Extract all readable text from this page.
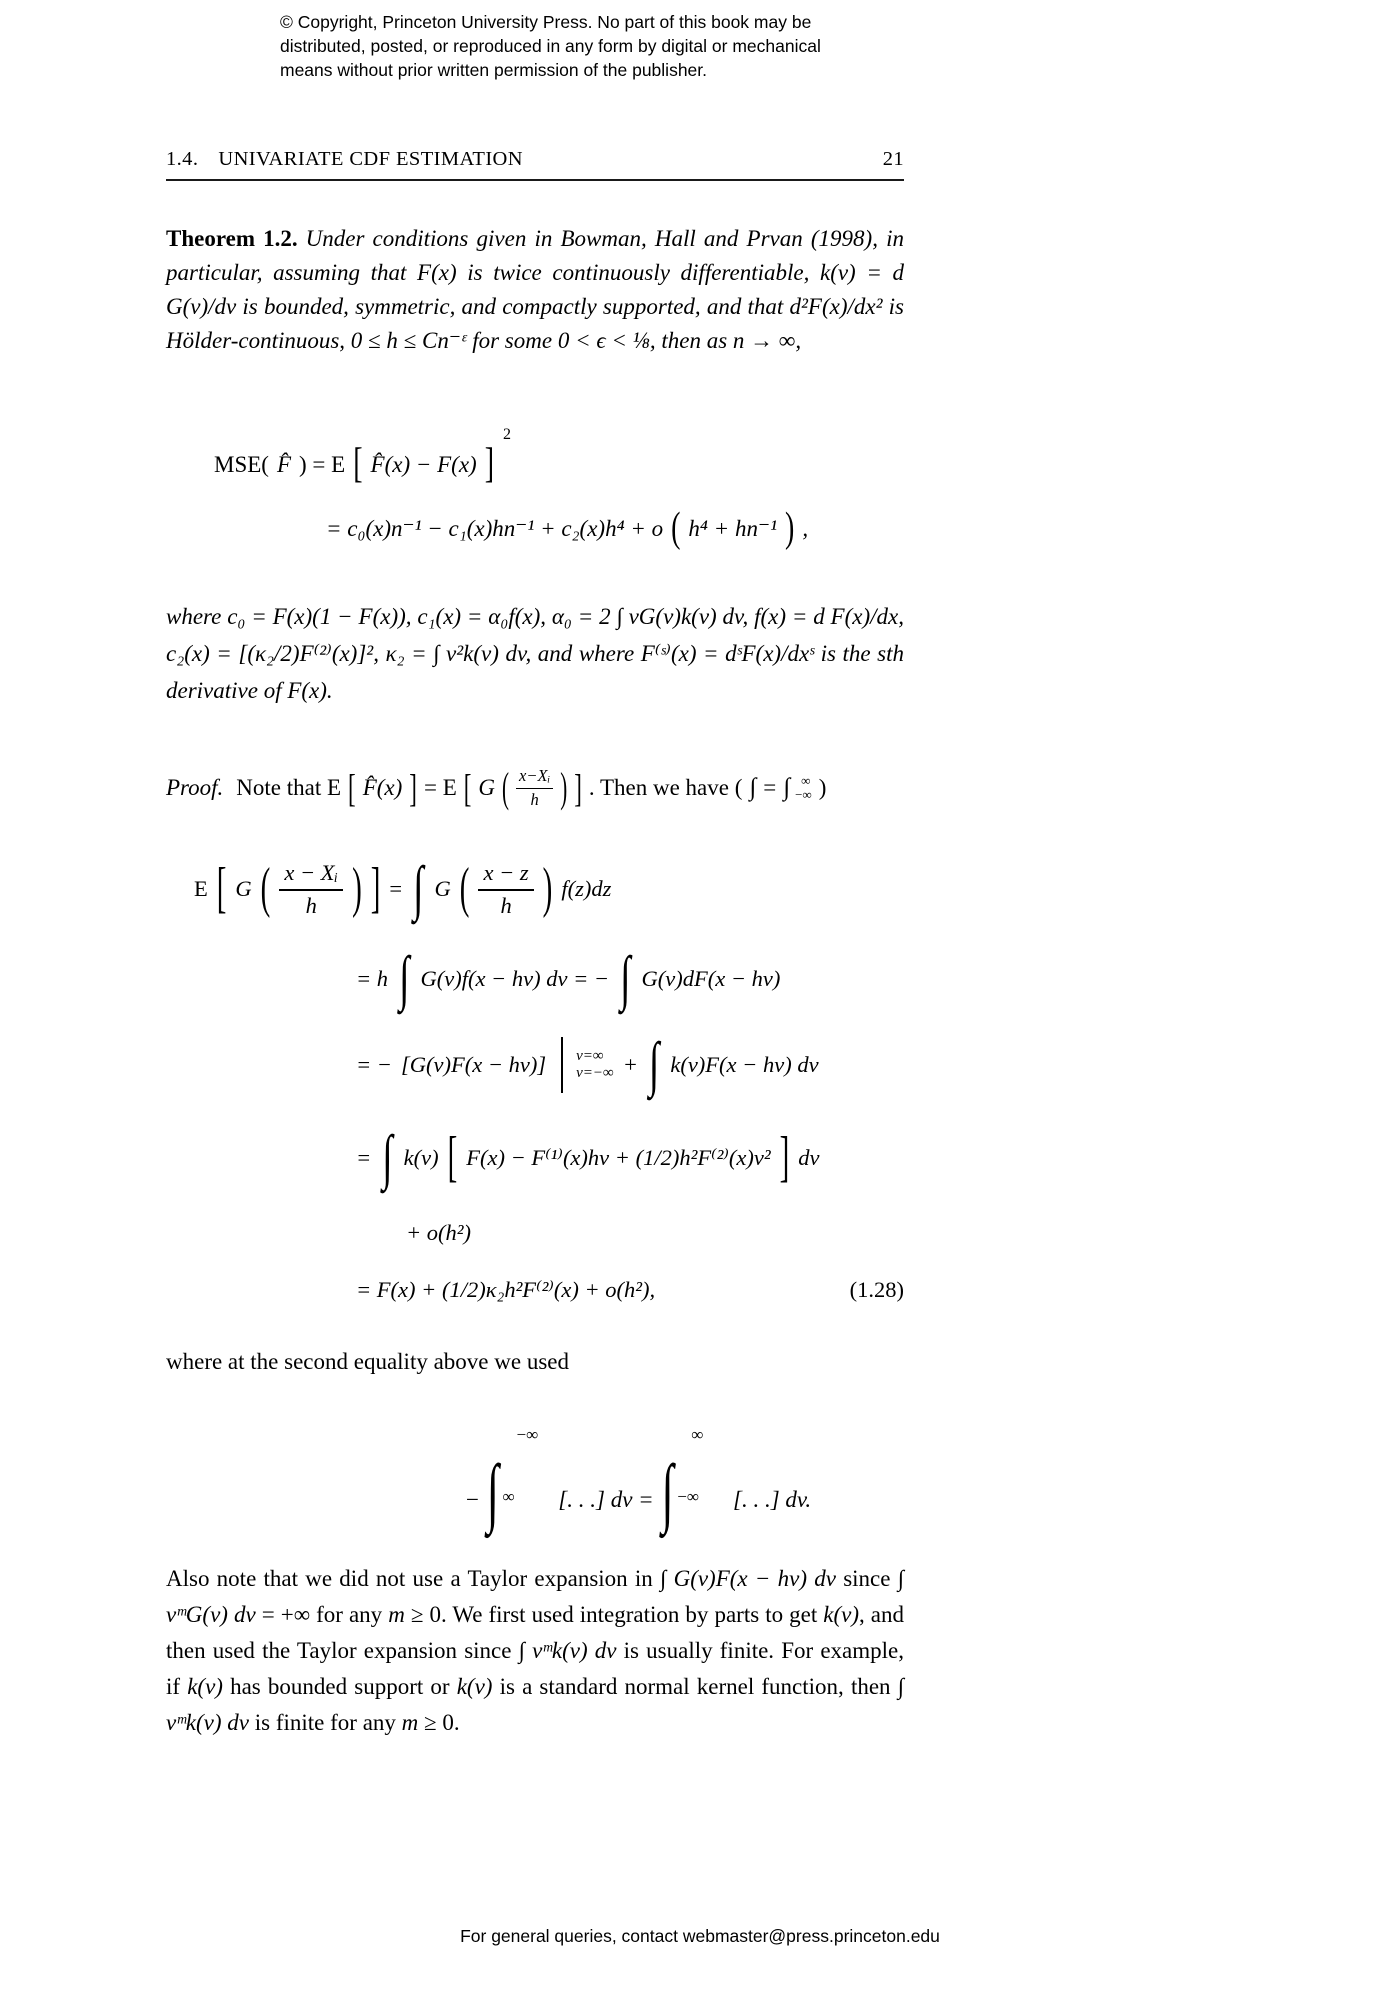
© Copyright, Princeton University Press. No part of this book may be
distributed, posted, or reproduced in any form by digital or mechanical
means without prior written permission of the publisher.
1.4. UNIVARIATE CDF ESTIMATION	21

Theorem 1.2. Under conditions given in Bowman, Hall and Prvan (1998), in particular, assuming that F(x) is twice continuously differentiable, k(v) = d G(v)/dv is bounded, symmetric, and compactly supported, and that d²F(x)/dx² is Hölder-continuous, 0 ≤ h ≤ Cn⁻ᵋ for some 0 < ϵ < ⅛, then as n → ∞,

MSE( F̂ ) = E [ F̂(x) − F(x) ]
2
= c₀(x)n⁻¹ − c₁(x)hn⁻¹ + c₂(x)h⁴ + o ( h⁴ + hn⁻¹ ) ,

where c₀ = F(x)(1 − F(x)), c₁(x) = α₀f(x), α₀ = 2 ∫ vG(v)k(v) dv, f(x) = d F(x)/dx, c₂(x) = [(κ₂/2)F⁽²⁾(x)]², κ₂ = ∫ v²k(v) dv, and where F⁽ˢ⁾(x) = dˢF(x)/dxˢ is the sth derivative of F(x).

Proof. Note that E [ F̂(x) ] = E [ G ( $\frac{\text{x−Xᵢ}}{h}$ ) ] . Then we have ( ∫ = ∫ ∞
−∞ )

E [ G ( $\frac{\text{x − Xᵢ}}{h}$ ) ] = ∫ G ( $\frac{x - z}{h}$ ) f(z)dz
= h ∫ G(v)f(x − hv) dv = − ∫ G(v)dF(x − hv)
= − [G(v)F(x − hv)] v=∞
v=−∞ + ∫ k(v)F(x − hv) dv
= ∫ k(v) [ F(x) − F⁽¹⁾(x)hv + (1/2)h²F⁽²⁾(x)v² ] dv
+ o(h²)
= F(x) + (1/2)κ₂h²F⁽²⁾(x) + o(h²),	(1.28)

where at the second equality above we used

− ∫
−∞
∞ [. . .] dv = ∫
∞
−∞ [. . .] dv.

Also note that we did not use a Taylor expansion in ∫ G(v)F(x − hv) dv since ∫ vᵐG(v) dv = +∞ for any m ≥ 0. We first used integration by parts to get k(v), and then used the Taylor expansion since ∫ vᵐk(v) dv is usually finite. For example, if k(v) has bounded support or k(v) is a standard normal kernel function, then ∫ vᵐk(v) dv is finite for any m ≥ 0.

For general queries, contact webmaster@press.princeton.edu
